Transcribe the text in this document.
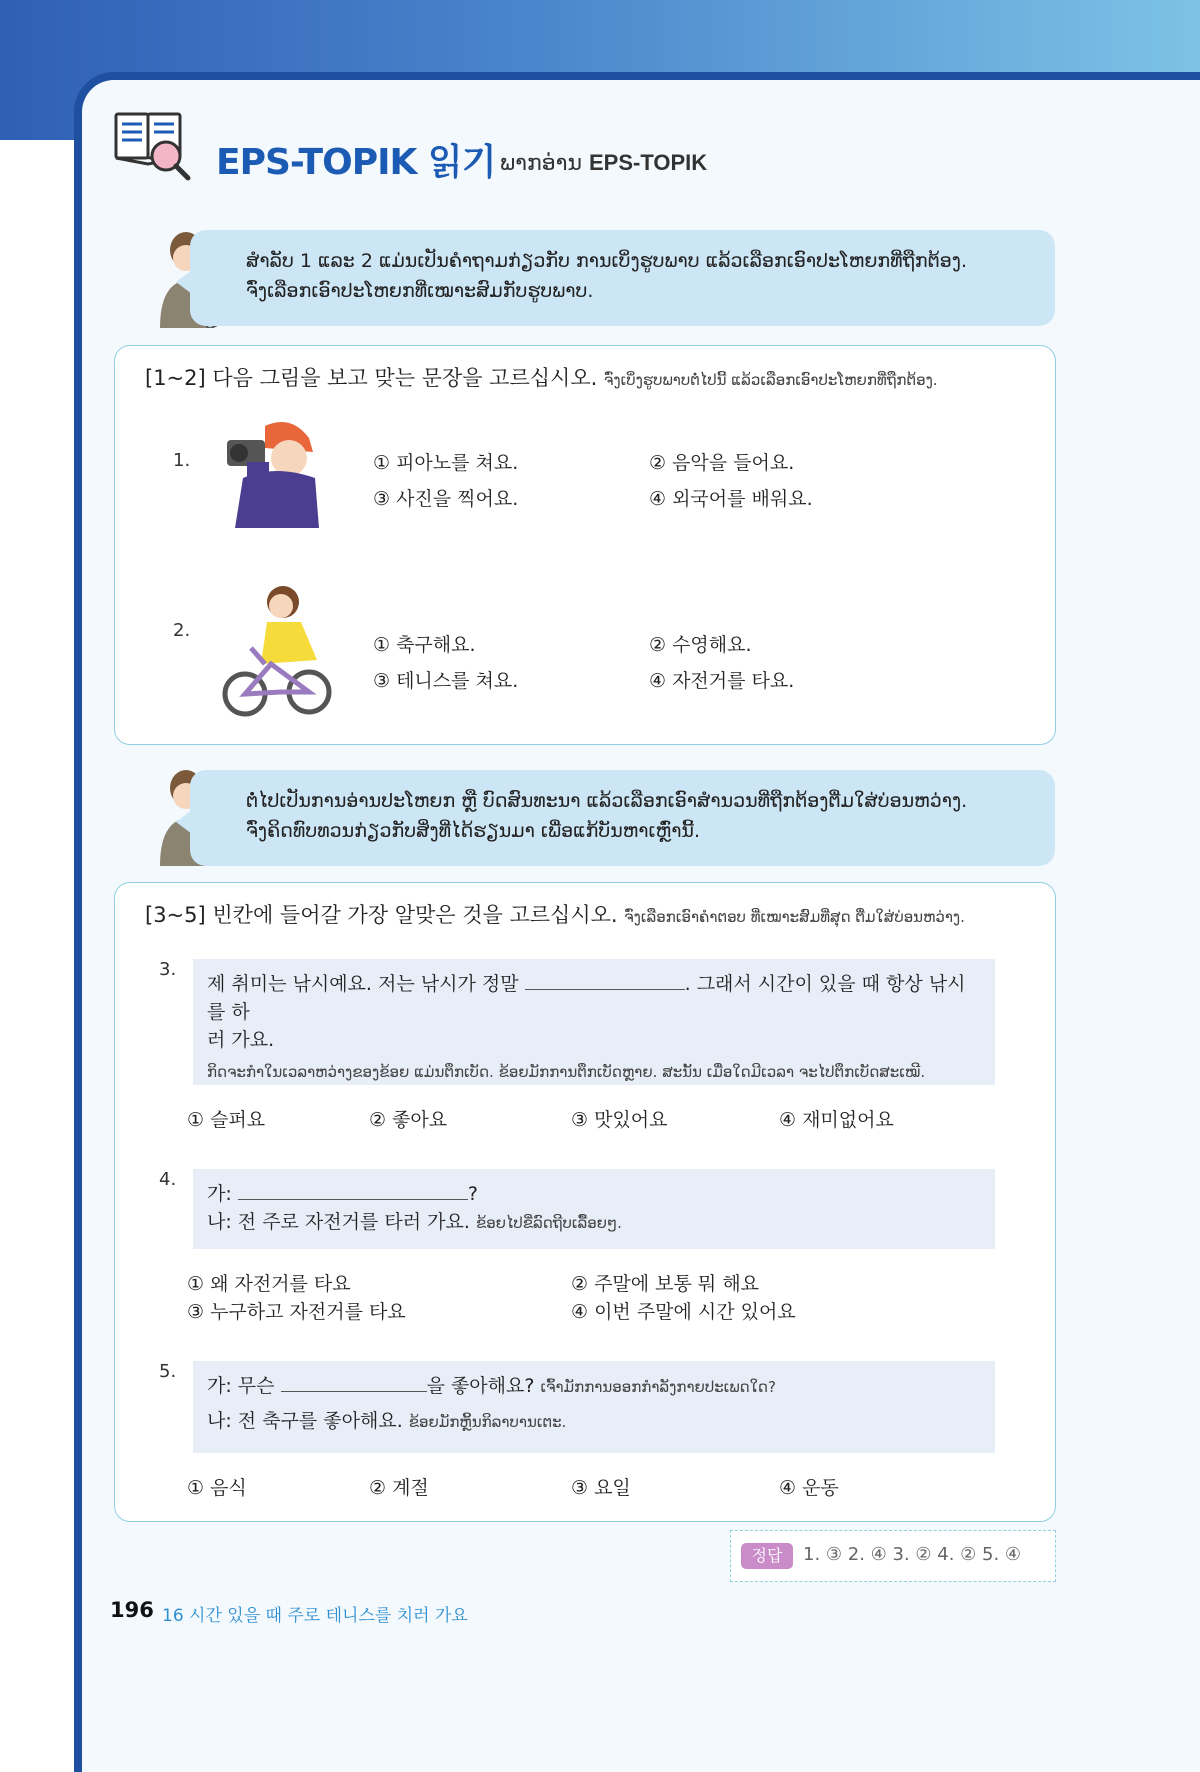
EPS-TOPIK 읽기 ພາກອ່ານ EPS-TOPIK
ສຳລັບ 1 ແລະ 2 ແມ່ນເປັນຄຳຖາມກ່ຽວກັບ ການເບິ່ງຮູບພາບ ແລ້ວເລືອກເອົາປະໂຫຍກທີ່ຖືກຕ້ອງ.
ຈົ່ງເລືອກເອົາປະໂຫຍກທີ່ເໝາະສົມກັບຮູບພາບ.
[1~2] 다음 그림을 보고 맞는 문장을 고르십시오. ຈົ່ງເບິ່ງຮູບພາບຕໍ່ໄປນີ້ ແລ້ວເລືອກເອົາປະໂຫຍກທີ່ຖືກຕ້ອງ.
1.	① 피아노를 쳐요.	② 음악을 들어요.
③ 사진을 찍어요.	④ 외국어를 배워요.
2.
① 축구해요.	② 수영해요.
③ 테니스를 쳐요.	④ 자전거를 타요.
ຕໍ່ໄປເປັນການອ່ານປະໂຫຍກ ຫຼື ບົດສົນທະນາ ແລ້ວເລືອກເອົາສຳນວນທີ່ຖືກຕ້ອງຕື່ມໃສ່ບ່ອນຫວ່າງ.
ຈົ່ງຄິດທົບທວນກ່ຽວກັບສິ່ງທີ່ໄດ້ຮຽນມາ ເພື່ອແກ້ບັນຫາເຫຼົ່ານີ້.
[3~5] 빈칸에 들어갈 가장 알맞은 것을 고르십시오. ຈົ່ງເລືອກເອົາຄຳຕອບ ທີ່ເໝາະສົມທີ່ສຸດ ຕື່ມໃສ່ບ່ອນຫວ່າງ.
3.
제 취미는 낚시예요. 저는 낚시가 정말	. 그래서 시간이 있을 때 항상 낚시를 하
러 가요.
ກິດຈະກຳໃນເວລາຫວ່າງຂອງຂ້ອຍ ແມ່ນຕຶກເບັດ. ຂ້ອຍມັກການຕຶກເບັດຫຼາຍ. ສະນັ້ນ ເມື່ອໃດມີເວລາ ຈະໄປຕຶກເບັດສະເໝີ.
① 슬퍼요	② 좋아요	③ 맛있어요	④ 재미없어요
4.
가:	?
나: 전 주로 자전거를 타러 가요. ຂ້ອຍໄປຂີ່ລົດຖີບເລື້ອຍໆ.
① 왜 자전거를 타요	② 주말에 보통 뭐 해요
③ 누구하고 자전거를 타요	④ 이번 주말에 시간 있어요
5.
가: 무슨	을 좋아해요? ເຈົ້າມັກການອອກກຳລັງກາຍປະເພດໃດ?
나: 전 축구를 좋아해요. ຂ້ອຍມັກຫຼິ້ນກິລາບານເຕະ.
① 음식	② 계절	③ 요일	④ 운동
정답	1. ③ 2. ④ 3. ② 4. ② 5. ④
196 16 시간 있을 때 주로 테니스를 치러 가요
